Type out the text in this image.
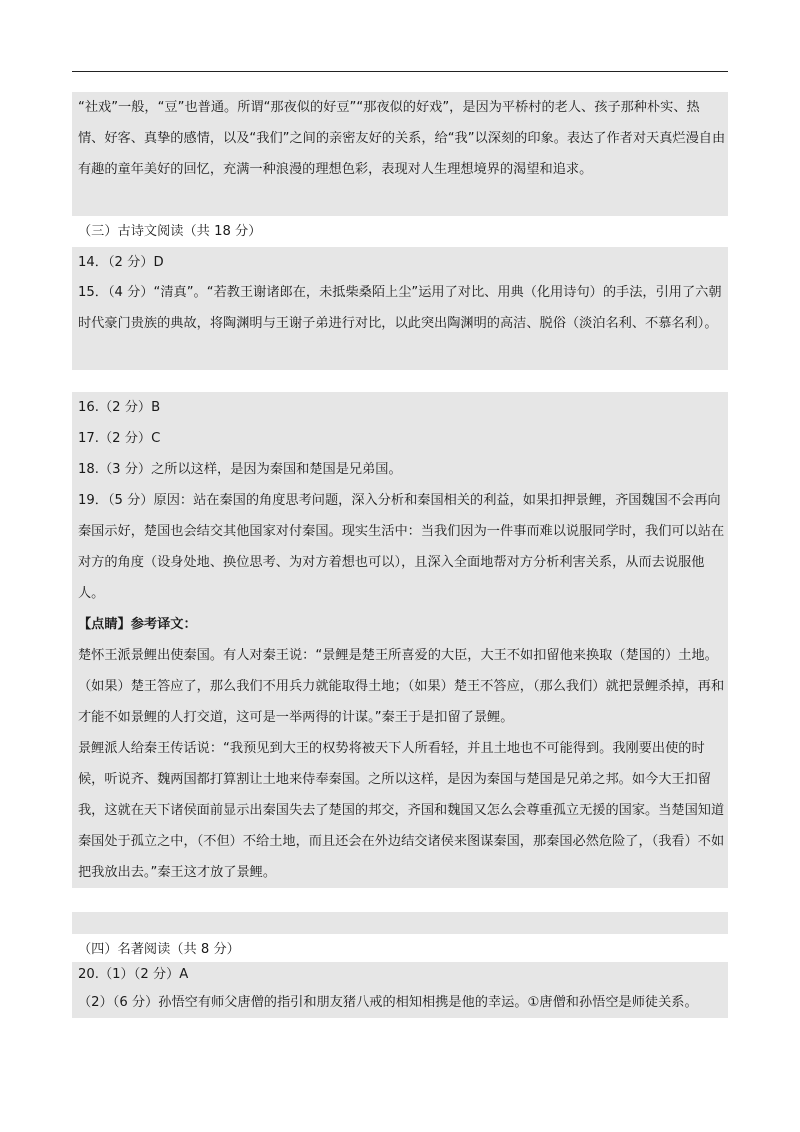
“社戏”一般，“豆”也普通。所谓“那夜似的好豆”“那夜似的好戏”，是因为平桥村的老人、孩子那种朴实、热情、好客、真挚的感情，以及“我们”之间的亲密友好的关系，给“我”以深刻的印象。表达了作者对天真烂漫自由有趣的童年美好的回忆，充满一种浪漫的理想色彩，表现对人生理想境界的渴望和追求。
（三）古诗文阅读（共 18 分）
14．（2 分）D
15．（4 分）“清真”。“若教王谢诸郎在，未抵柴桑陌上尘”运用了对比、用典（化用诗句）的手法，引用了六朝时代豪门贵族的典故，将陶渊明与王谢子弟进行对比，以此突出陶渊明的高洁、脱俗（淡泊名利、不慕名利）。
16.（2 分）B
17.（2 分）C
18.（3 分）之所以这样，是因为秦国和楚国是兄弟国。
19．（5 分）原因：站在秦国的角度思考问题，深入分析和秦国相关的利益，如果扣押景鲤，齐国魏国不会再向秦国示好，楚国也会结交其他国家对付秦国。现实生活中：当我们因为一件事而难以说服同学时，我们可以站在对方的角度（设身处地、换位思考、为对方着想也可以），且深入全面地帮对方分析利害关系，从而去说服他人。
【点睛】参考译文：
楚怀王派景鲤出使秦国。有人对秦王说：“景鲤是楚王所喜爱的大臣，大王不如扣留他来换取（楚国的）土地。（如果）楚王答应了，那么我们不用兵力就能取得土地；（如果）楚王不答应，（那么我们）就把景鲤杀掉，再和才能不如景鲤的人打交道，这可是一举两得的计谋。”秦王于是扣留了景鲤。
景鲤派人给秦王传话说：“我预见到大王的权势将被天下人所看轻，并且土地也不可能得到。我刚要出使的时候，听说齐、魏两国都打算割让土地来侍奉秦国。之所以这样，是因为秦国与楚国是兄弟之邦。如今大王扣留我，这就在天下诸侯面前显示出秦国失去了楚国的邦交，齐国和魏国又怎么会尊重孤立无援的国家。当楚国知道秦国处于孤立之中，（不但）不给土地，而且还会在外边结交诸侯来图谋秦国，那秦国必然危险了，（我看）不如把我放出去。”秦王这才放了景鲤。
（四）名著阅读（共 8 分）
20.（1）（2 分）A
（2）（6 分）孙悟空有师父唐僧的指引和朋友猪八戒的相知相携是他的幸运。①唐僧和孙悟空是师徒关系。
